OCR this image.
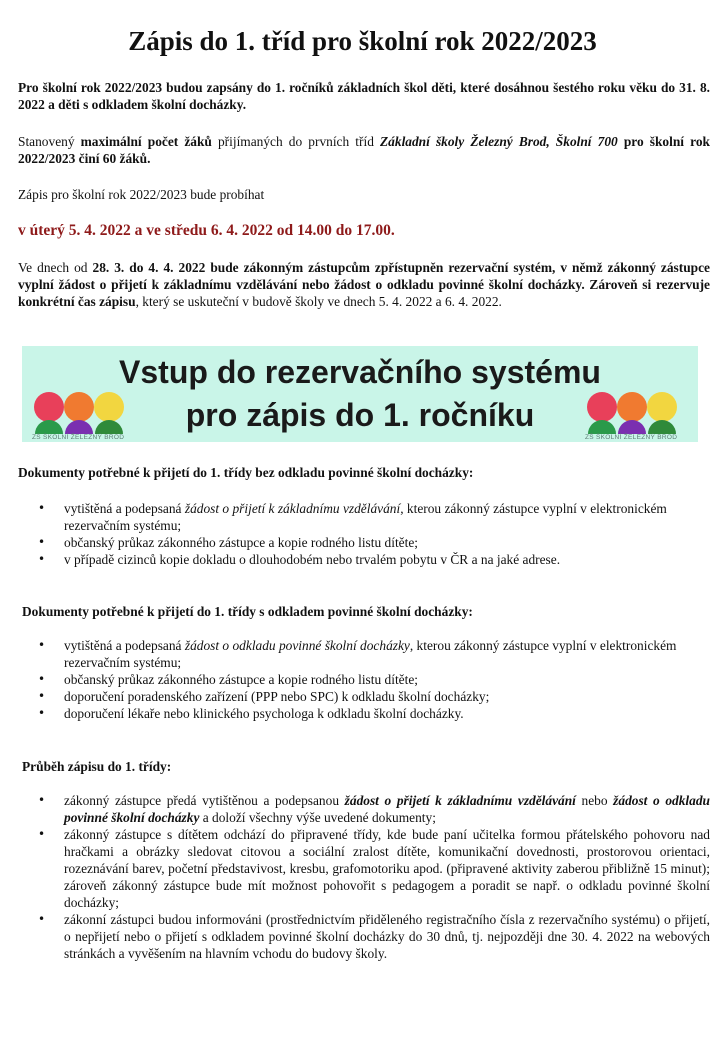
Zápis do 1. tříd pro školní rok 2022/2023

Pro školní rok 2022/2023 budou zapsány do 1. ročníků základních škol děti, které dosáhnou šestého roku věku do 31. 8. 2022 a děti s odkladem školní docházky.

Stanovený maximální počet žáků přijímaných do prvních tříd Základní školy Železný Brod, Školní 700 pro školní rok 2022/2023 činí 60 žáků.

Zápis pro školní rok 2022/2023 bude probíhat

v úterý 5. 4. 2022 a ve středu 6. 4. 2022 od 14.00 do 17.00.

Ve dnech od 28. 3. do 4. 4. 2022 bude zákonným zástupcům zpřístupněn rezervační systém, v němž zákonný zástupce vyplní žádost o přijetí k základnímu vzdělávání nebo žádost o odkladu povinné školní docházky. Zároveň si rezervuje konkrétní čas zápisu, který se uskuteční v budově školy ve dnech 5. 4. 2022 a 6. 4. 2022.

Vstup do rezervačního systému
pro zápis do 1. ročníku
ZŠ ŠKOLNÍ ŽELEZNÝ BROD	ZŠ ŠKOLNÍ ŽELEZNÝ BROD

Dokumenty potřebné k přijetí do 1. třídy bez odkladu povinné školní docházky:

• vytištěná a podepsaná žádost o přijetí k základnímu vzdělávání, kterou zákonný zástupce vyplní v elektronickém rezervačním systému;
• občanský průkaz zákonného zástupce a kopie rodného listu dítěte;
• v případě cizinců kopie dokladu o dlouhodobém nebo trvalém pobytu v ČR a na jaké adrese.

Dokumenty potřebné k přijetí do 1. třídy s odkladem povinné školní docházky:

• vytištěná a podepsaná žádost o odkladu povinné školní docházky, kterou zákonný zástupce vyplní v elektronickém rezervačním systému;
• občanský průkaz zákonného zástupce a kopie rodného listu dítěte;
• doporučení poradenského zařízení (PPP nebo SPC) k odkladu školní docházky;
• doporučení lékaře nebo klinického psychologa k odkladu školní docházky.

Průběh zápisu do 1. třídy:

• zákonný zástupce předá vytištěnou a podepsanou žádost o přijetí k základnímu vzdělávání nebo žádost o odkladu povinné školní docházky a doloží všechny výše uvedené dokumenty;
• zákonný zástupce s dítětem odchází do připravené třídy, kde bude paní učitelka formou přátelského pohovoru nad hračkami a obrázky sledovat citovou a sociální zralost dítěte, komunikační dovednosti, prostorovou orientaci, rozeznávání barev, početní představivost, kresbu, grafomotoriku apod. (připravené aktivity zaberou přibližně 15 minut); zároveň zákonný zástupce bude mít možnost pohovořit s pedagogem a poradit se např. o odkladu povinné školní docházky;
• zákonní zástupci budou informováni (prostřednictvím přiděleného registračního čísla z rezervačního systému) o přijetí, o nepřijetí nebo o přijetí s odkladem povinné školní docházky do 30 dnů, tj. nejpozději dne 30. 4. 2022 na webových stránkách a vyvěšením na hlavním vchodu do budovy školy.
